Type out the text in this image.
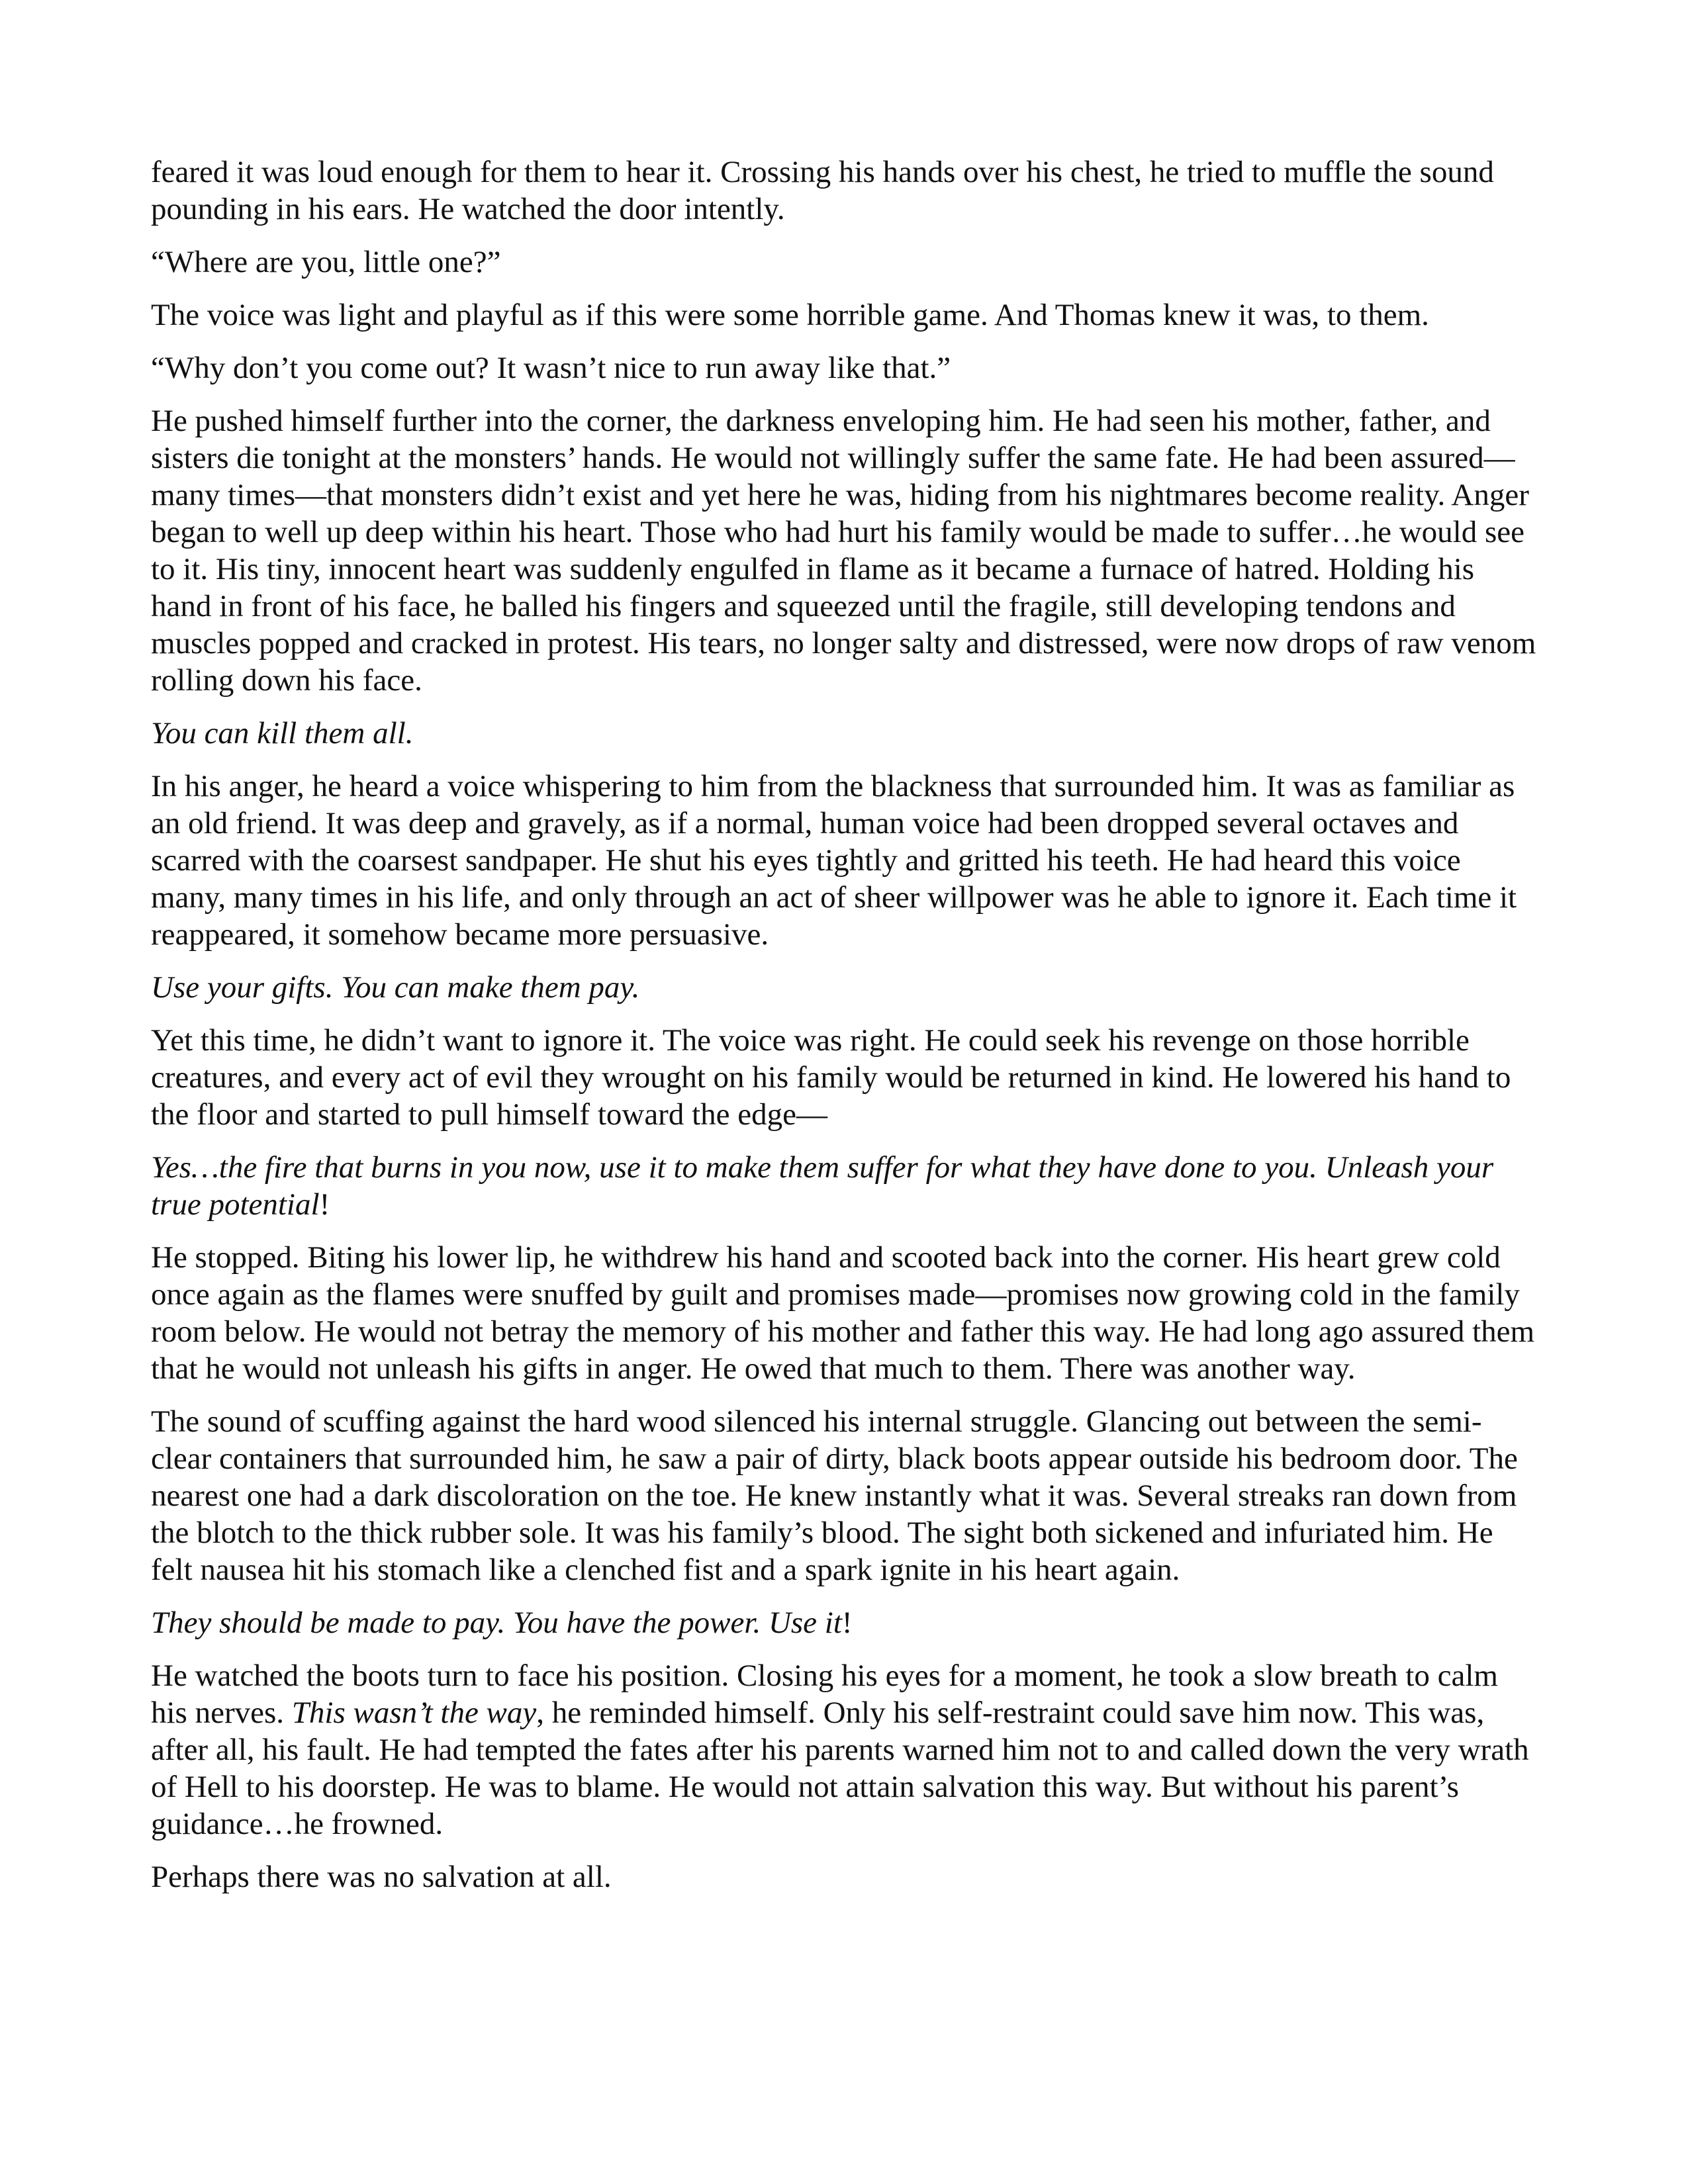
feared it was loud enough for them to hear it. Crossing his hands over his chest, he tried to muffle the sound pounding in his ears. He watched the door intently.

“Where are you, little one?”

The voice was light and playful as if this were some horrible game. And Thomas knew it was, to them.

“Why don’t you come out? It wasn’t nice to run away like that.”

He pushed himself further into the corner, the darkness enveloping him. He had seen his mother, father, and sisters die tonight at the monsters’ hands. He would not willingly suffer the same fate. He had been assured—many times—that monsters didn’t exist and yet here he was, hiding from his nightmares become reality. Anger began to well up deep within his heart. Those who had hurt his family would be made to suffer…he would see to it. His tiny, innocent heart was suddenly engulfed in flame as it became a furnace of hatred. Holding his hand in front of his face, he balled his fingers and squeezed until the fragile, still developing tendons and muscles popped and cracked in protest. His tears, no longer salty and distressed, were now drops of raw venom rolling down his face.

You can kill them all.

In his anger, he heard a voice whispering to him from the blackness that surrounded him. It was as familiar as an old friend. It was deep and gravely, as if a normal, human voice had been dropped several octaves and scarred with the coarsest sandpaper. He shut his eyes tightly and gritted his teeth. He had heard this voice many, many times in his life, and only through an act of sheer willpower was he able to ignore it. Each time it reappeared, it somehow became more persuasive.

Use your gifts. You can make them pay.

Yet this time, he didn’t want to ignore it. The voice was right. He could seek his revenge on those horrible creatures, and every act of evil they wrought on his family would be returned in kind. He lowered his hand to the floor and started to pull himself toward the edge—

Yes…the fire that burns in you now, use it to make them suffer for what they have done to you. Unleash your true potential!

He stopped. Biting his lower lip, he withdrew his hand and scooted back into the corner. His heart grew cold once again as the flames were snuffed by guilt and promises made—promises now growing cold in the family room below. He would not betray the memory of his mother and father this way. He had long ago assured them that he would not unleash his gifts in anger. He owed that much to them. There was another way.

The sound of scuffing against the hard wood silenced his internal struggle. Glancing out between the semi-clear containers that surrounded him, he saw a pair of dirty, black boots appear outside his bedroom door. The nearest one had a dark discoloration on the toe. He knew instantly what it was. Several streaks ran down from the blotch to the thick rubber sole. It was his family’s blood. The sight both sickened and infuriated him. He felt nausea hit his stomach like a clenched fist and a spark ignite in his heart again.

They should be made to pay. You have the power. Use it!

He watched the boots turn to face his position. Closing his eyes for a moment, he took a slow breath to calm his nerves. This wasn’t the way, he reminded himself. Only his self-restraint could save him now. This was, after all, his fault. He had tempted the fates after his parents warned him not to and called down the very wrath of Hell to his doorstep. He was to blame. He would not attain salvation this way. But without his parent’s guidance…he frowned.

Perhaps there was no salvation at all.
